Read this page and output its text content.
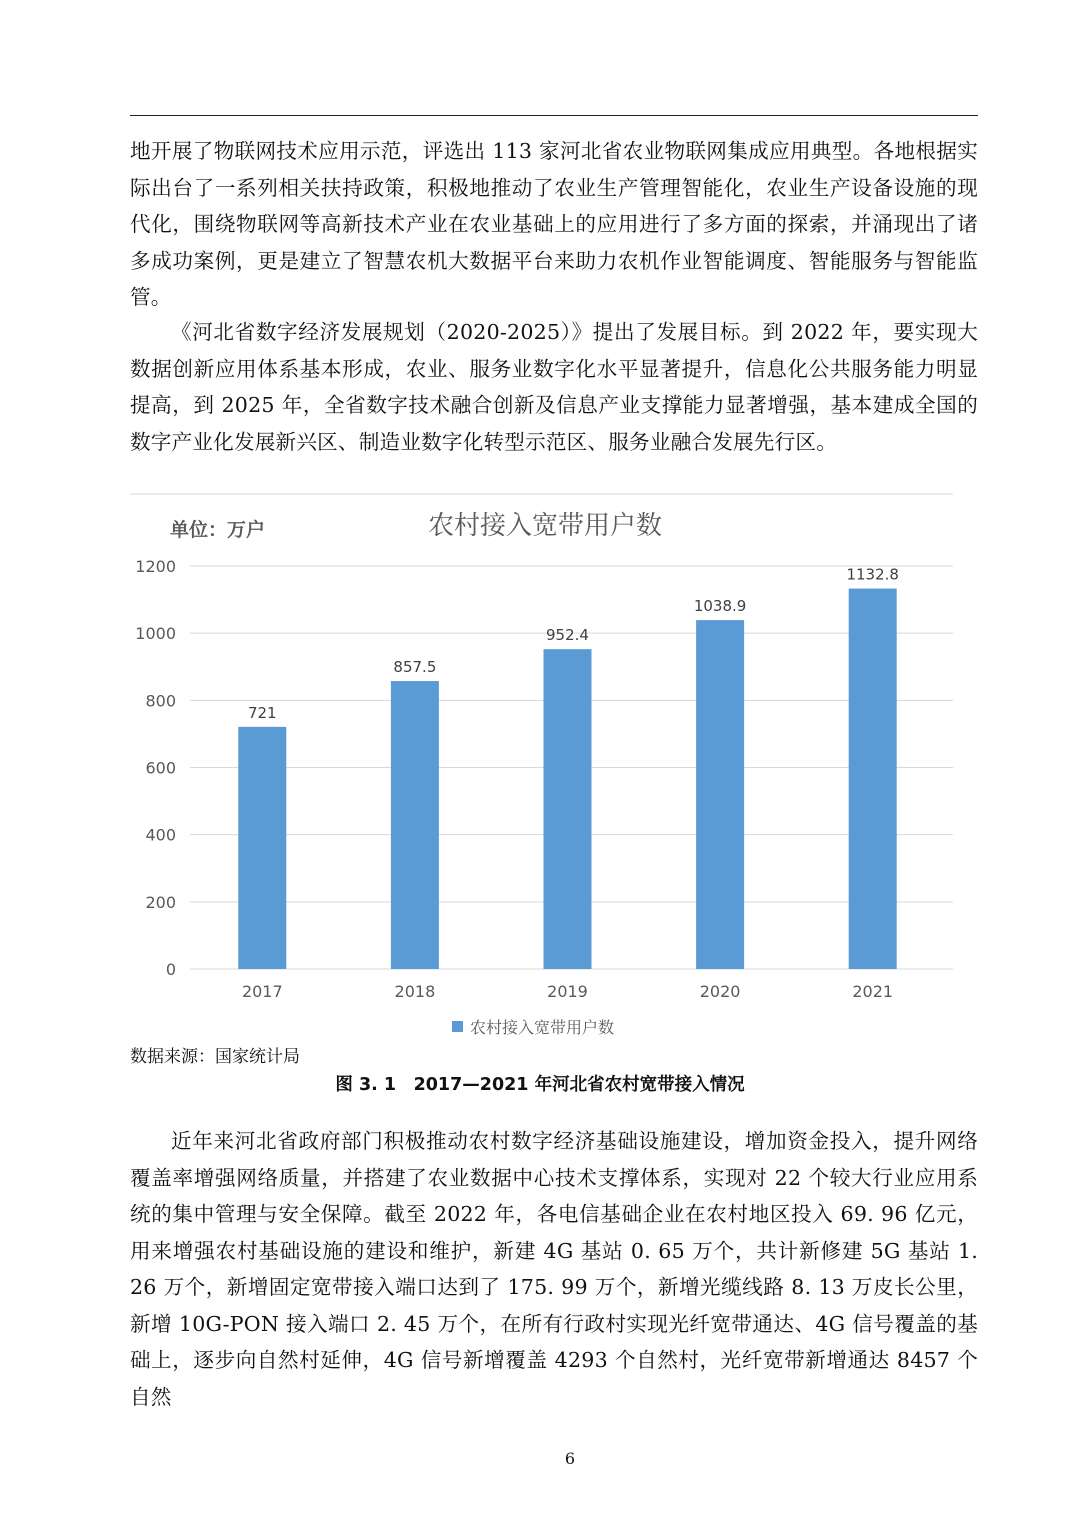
地开展了物联网技术应用示范，评选出 113 家河北省农业物联网集成应用典型。各地根据实际出台了一系列相关扶持政策，积极地推动了农业生产管理智能化，农业生产设备设施的现代化，围绕物联网等高新技术产业在农业基础上的应用进行了多方面的探索，并涌现出了诸多成功案例，更是建立了智慧农机大数据平台来助力农机作业智能调度、智能服务与智能监管。

《河北省数字经济发展规划（2020-2025）》提出了发展目标。到 2022 年，要实现大数据创新应用体系基本形成，农业、服务业数字化水平显著提升，信息化公共服务能力明显提高，到 2025 年，全省数字技术融合创新及信息产业支撑能力显著增强，基本建成全国的数字产业化发展新兴区、制造业数字化转型示范区、服务业融合发展先行区。

单位：万户	农村接入宽带用户数
0
200
400
600
800
1000
1200
721
2017
857.5
2018
952.4
2019
1038.9
2020
1132.8
2021
农村接入宽带用户数
数据来源：国家统计局
图 3. 1　2017—2021 年河北省农村宽带接入情况

近年来河北省政府部门积极推动农村数字经济基础设施建设，增加资金投入，提升网络覆盖率增强网络质量，并搭建了农业数据中心技术支撑体系，实现对 22 个较大行业应用系统的集中管理与安全保障。截至 2022 年，各电信基础企业在农村地区投入 69. 96 亿元，用来增强农村基础设施的建设和维护，新建 4G 基站 0. 65 万个，共计新修建 5G 基站 1. 26 万个，新增固定宽带接入端口达到了 175. 99 万个，新增光缆线路 8. 13 万皮长公里，新增 10G-PON 接入端口 2. 45 万个，在所有行政村实现光纤宽带通达、4G 信号覆盖的基础上，逐步向自然村延伸，4G 信号新增覆盖 4293 个自然村，光纤宽带新增通达 8457 个自然

6
